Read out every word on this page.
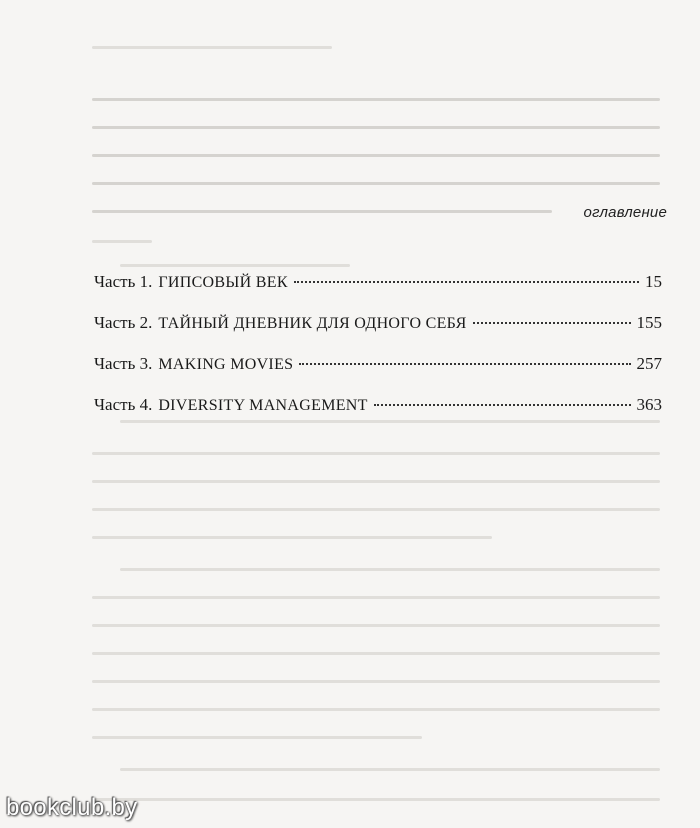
оглавление
Часть 1. ГИПСОВЫЙ ВЕК	15
Часть 2. ТАЙНЫЙ ДНЕВНИК ДЛЯ ОДНОГО СЕБЯ	155
Часть 3. MAKING MOVIES	257
Часть 4. DIVERSITY MANAGEMENT	363
bookclub.by
